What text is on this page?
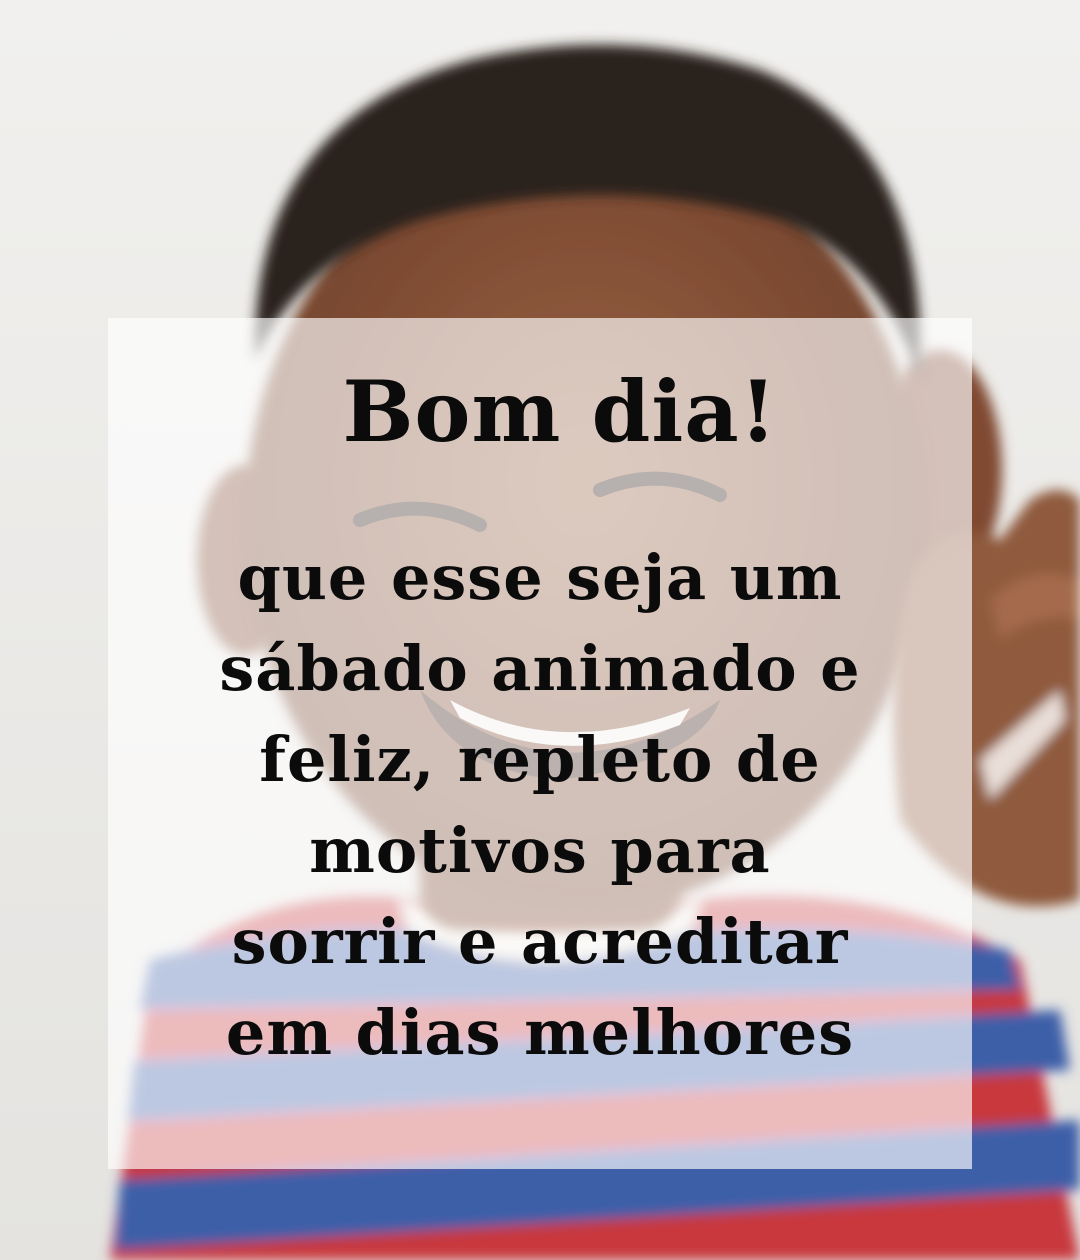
Bom dia!
que esse seja um
sábado animado e
feliz, repleto de
motivos para
sorrir e acreditar
em dias melhores
